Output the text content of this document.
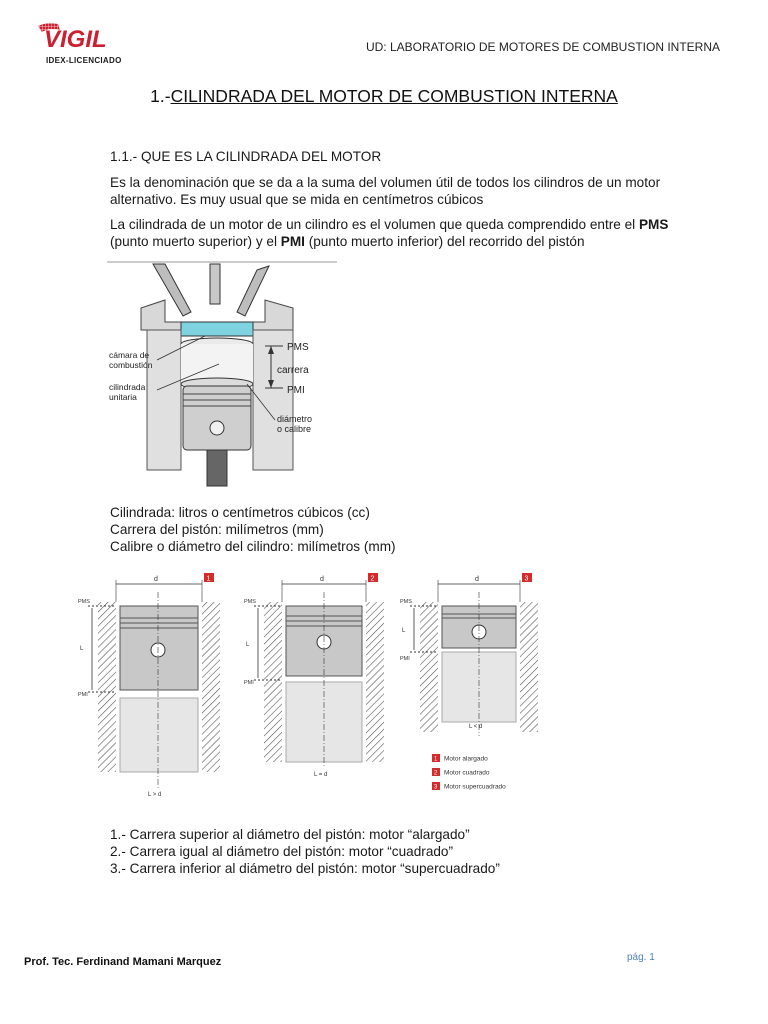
VIGIL
IDEX-LICENCIADO
UD: LABORATORIO DE MOTORES DE COMBUSTION INTERNA
1.-CILINDRADA DEL MOTOR DE COMBUSTION INTERNA
1.1.- QUE ES LA CILINDRADA DEL MOTOR
Es la denominación que se da a la suma del volumen útil de todos los cilindros de un motor alternativo. Es muy usual que se mida en centímetros cúbicos
La cilindrada de un motor de un cilindro es el volumen que queda comprendido entre el PMS (punto muerto superior) y el PMI (punto muerto inferior) del recorrido del pistón
cámara de
combustión
cilindrada
unitaria
PMS
carrera
PMI
diámetro
o calibre
Cilindrada: litros o centímetros cúbicos (cc)
Carrera del pistón: milímetros (mm)
Calibre o diámetro del cilindro: milímetros (mm)
d	1
PMS
PMI
L
L > d
d	2
PMS
PMI
L
L = d
d	3
PMS
PMI
L
L < d
1 Motor alargado
2 Motor cuadrado
3 Motor supercuadrado
1.- Carrera superior al diámetro del pistón: motor “alargado”
2.- Carrera igual al diámetro del pistón: motor “cuadrado”
3.- Carrera inferior al diámetro del pistón: motor “supercuadrado”
Prof. Tec. Ferdinand Mamani Marquez	pág. 1
